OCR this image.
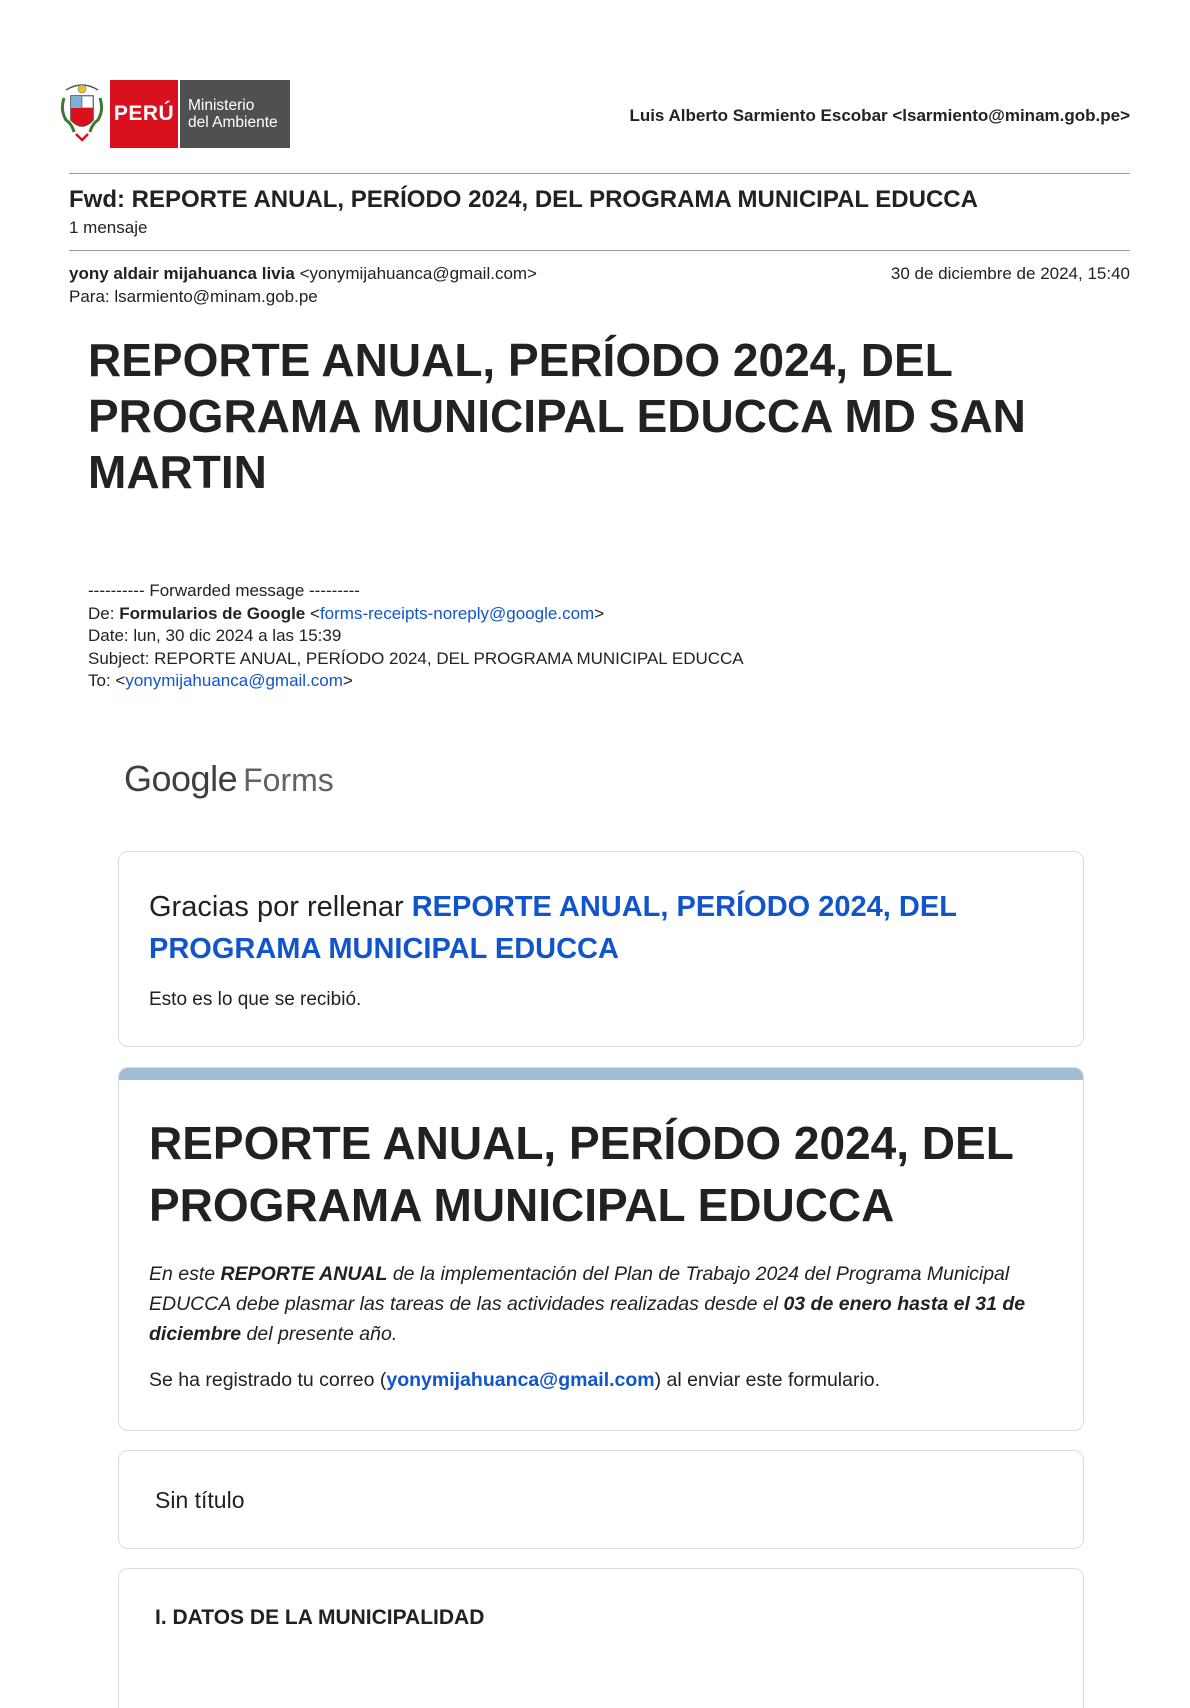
PERÚ Ministerio
del Ambiente	Luis Alberto Sarmiento Escobar <lsarmiento@minam.gob.pe>
Fwd: REPORTE ANUAL, PERÍODO 2024, DEL PROGRAMA MUNICIPAL EDUCCA
1 mensaje
yony aldair mijahuanca livia <yonymijahuanca@gmail.com>	30 de diciembre de 2024, 15:40
Para: lsarmiento@minam.gob.pe
REPORTE ANUAL, PERÍODO 2024, DEL PROGRAMA MUNICIPAL EDUCCA MD SAN MARTIN
---------- Forwarded message ---------
De: Formularios de Google <forms-receipts-noreply@google.com>
Date: lun, 30 dic 2024 a las 15:39
Subject: REPORTE ANUAL, PERÍODO 2024, DEL PROGRAMA MUNICIPAL EDUCCA
To: <yonymijahuanca@gmail.com>
Google Forms
Gracias por rellenar REPORTE ANUAL, PERÍODO 2024, DEL PROGRAMA MUNICIPAL EDUCCA
Esto es lo que se recibió.
REPORTE ANUAL, PERÍODO 2024, DEL PROGRAMA MUNICIPAL EDUCCA
En este REPORTE ANUAL de la implementación del Plan de Trabajo 2024 del Programa Municipal EDUCCA debe plasmar las tareas de las actividades realizadas desde el 03 de enero hasta el 31 de diciembre del presente año.
Se ha registrado tu correo (yonymijahuanca@gmail.com) al enviar este formulario.
Sin título
I. DATOS DE LA MUNICIPALIDAD
